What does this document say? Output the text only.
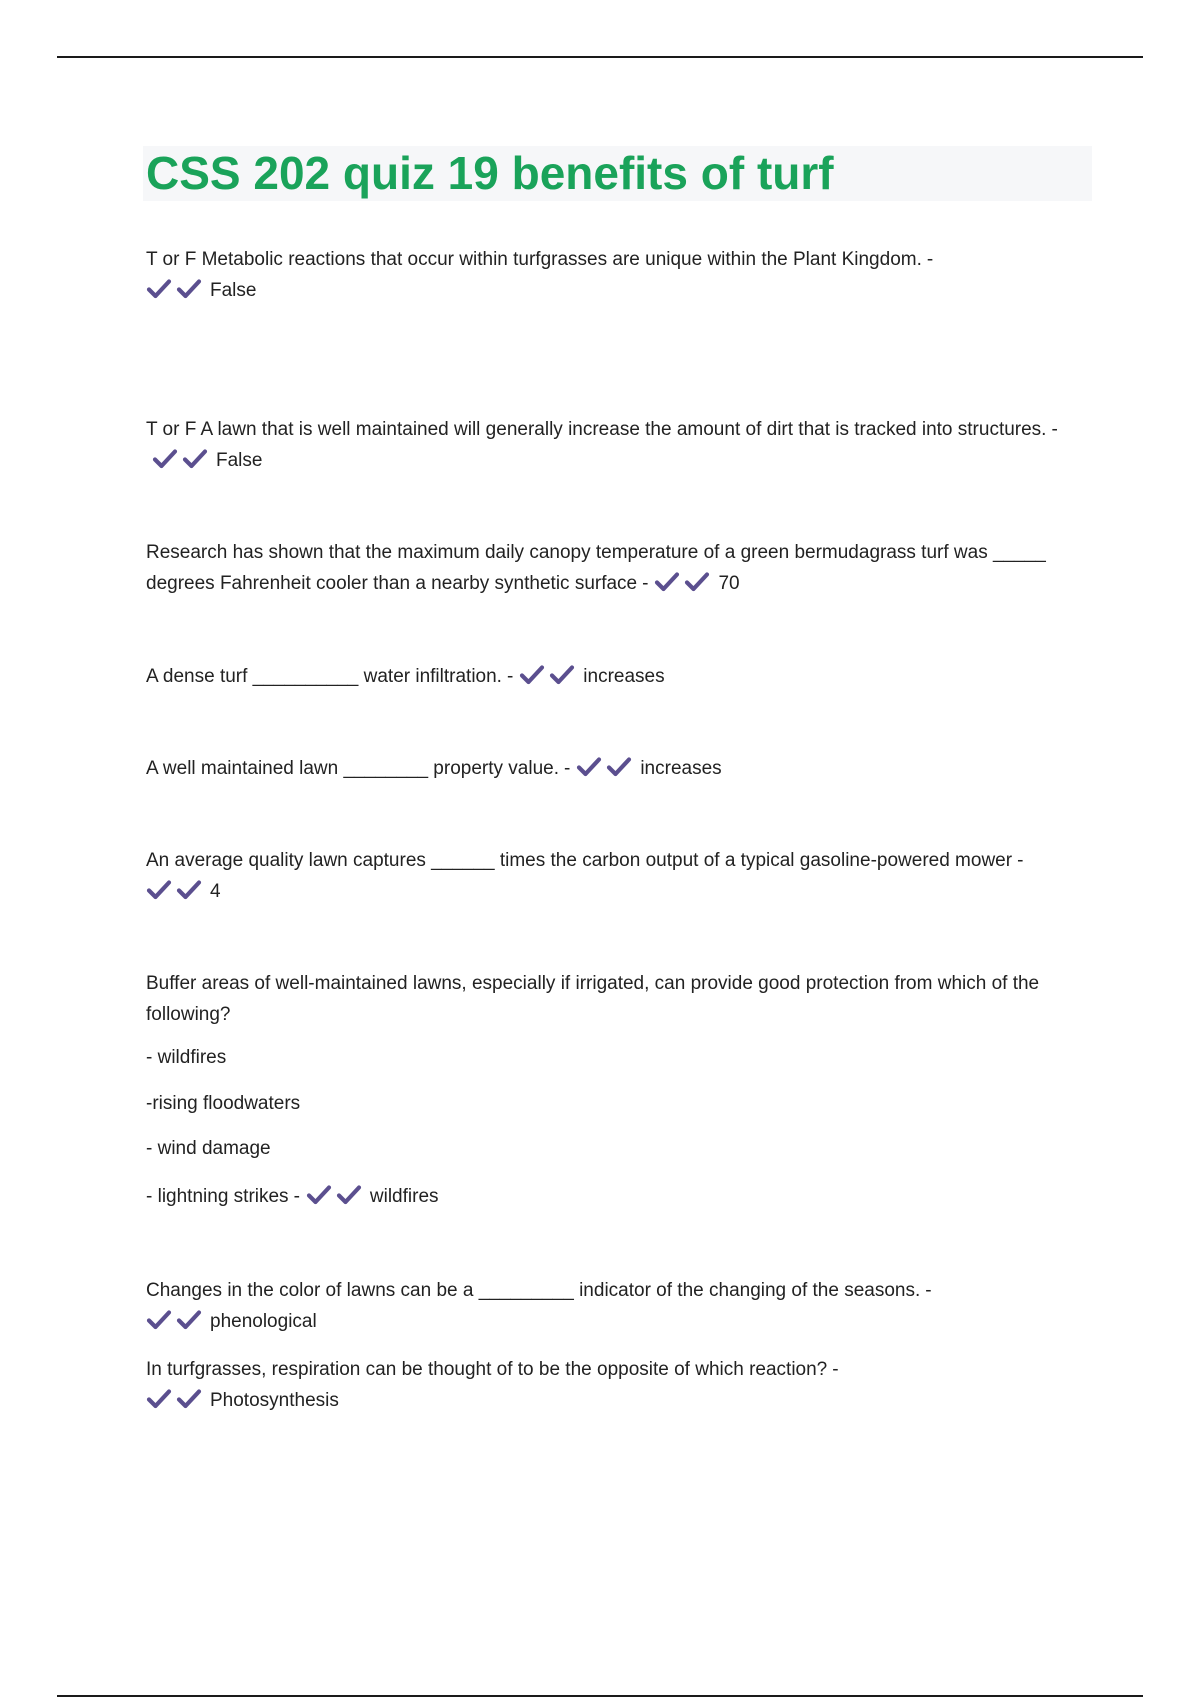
CSS 202 quiz 19 benefits of turf

T or F Metabolic reactions that occur within turfgrasses are unique within the Plant Kingdom. -

False

T or F A lawn that is well maintained will generally increase the amount of dirt that is tracked into structures. -
False

Research has shown that the maximum daily canopy temperature of a green bermudagrass turf was _____ degrees Fahrenheit cooler than a nearby synthetic surface -	70

A dense turf __________ water infiltration. -	increases

A well maintained lawn ________ property value. -	increases

An average quality lawn captures ______ times the carbon output of a typical gasoline-powered mower -

4

Buffer areas of well-maintained lawns, especially if irrigated, can provide good protection from which of the following?

- wildfires

-rising floodwaters

- wind damage

- lightning strikes -	wildfires

Changes in the color of lawns can be a _________ indicator of the changing of the seasons. -

phenological

In turfgrasses, respiration can be thought of to be the opposite of which reaction? -

Photosynthesis
